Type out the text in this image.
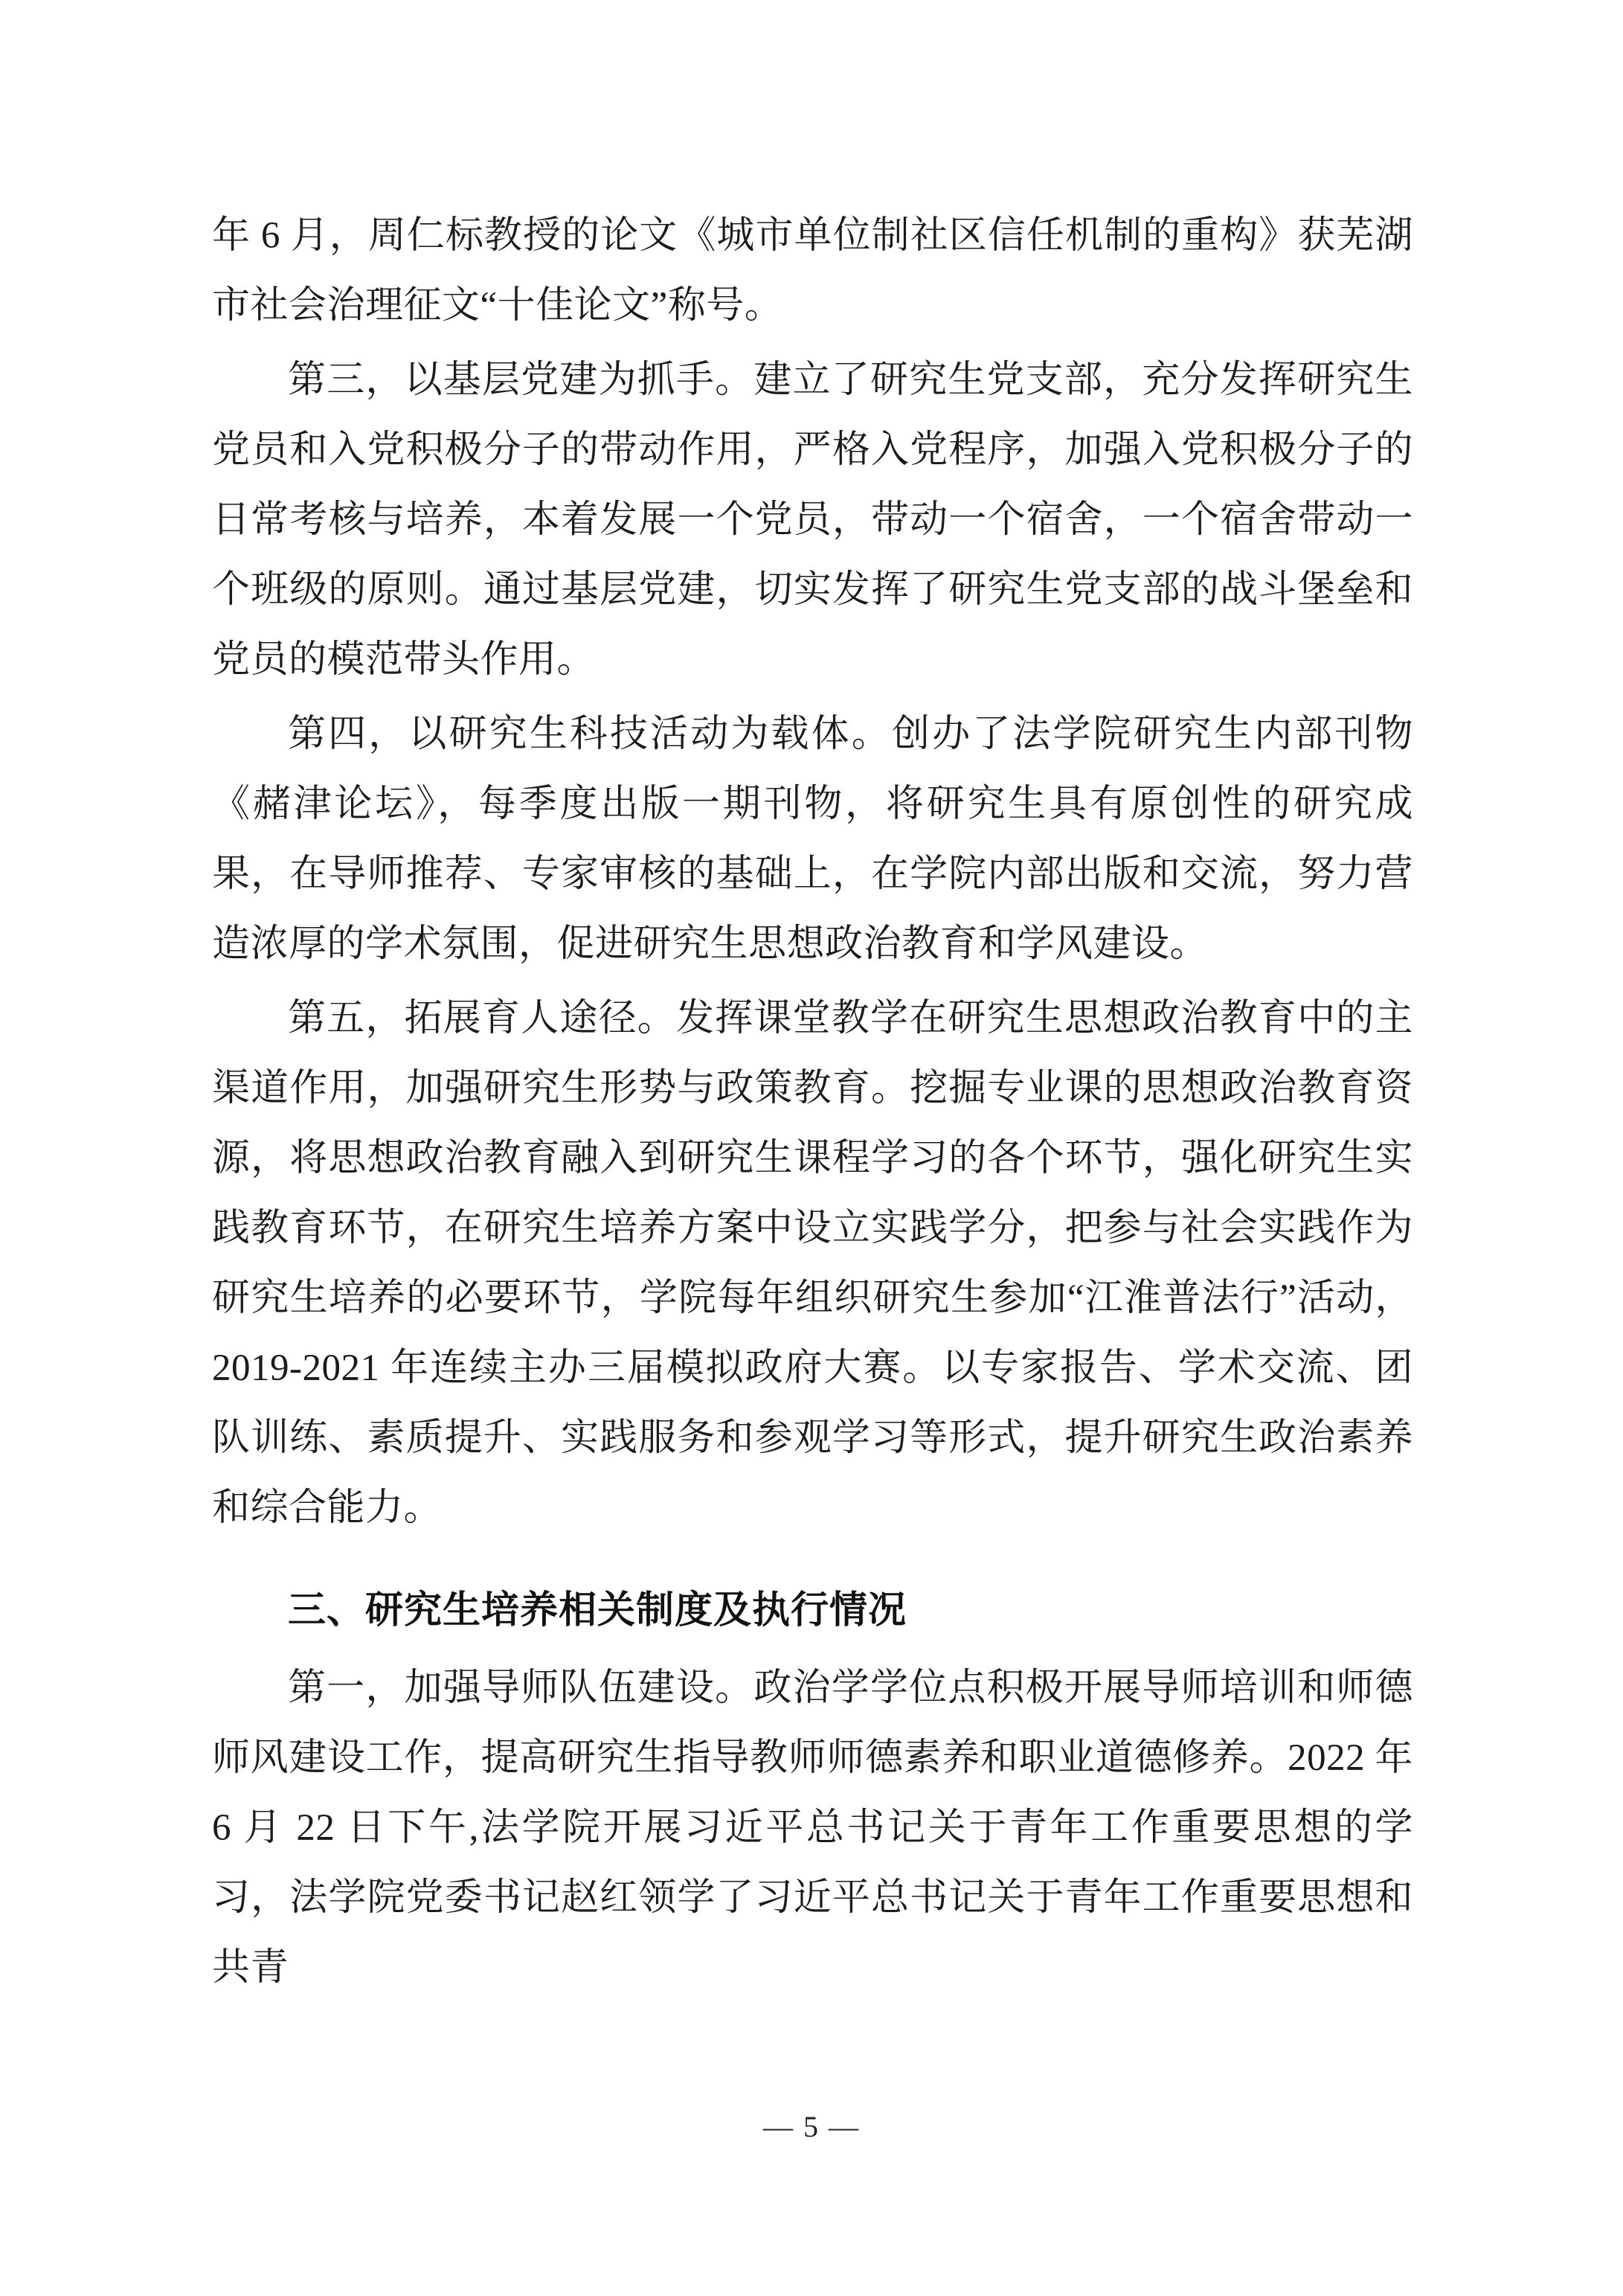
年 6 月，周仁标教授的论文《城市单位制社区信任机制的重构》获芜湖市社会治理征文“十佳论文”称号。

第三，以基层党建为抓手。建立了研究生党支部，充分发挥研究生党员和入党积极分子的带动作用，严格入党程序，加强入党积极分子的日常考核与培养，本着发展一个党员，带动一个宿舍，一个宿舍带动一个班级的原则。通过基层党建，切实发挥了研究生党支部的战斗堡垒和党员的模范带头作用。

第四，以研究生科技活动为载体。创办了法学院研究生内部刊物《赭津论坛》，每季度出版一期刊物，将研究生具有原创性的研究成果，在导师推荐、专家审核的基础上，在学院内部出版和交流，努力营造浓厚的学术氛围，促进研究生思想政治教育和学风建设。

第五，拓展育人途径。发挥课堂教学在研究生思想政治教育中的主渠道作用，加强研究生形势与政策教育。挖掘专业课的思想政治教育资源，将思想政治教育融入到研究生课程学习的各个环节，强化研究生实践教育环节，在研究生培养方案中设立实践学分，把参与社会实践作为研究生培养的必要环节，学院每年组织研究生参加“江淮普法行”活动，2019-2021 年连续主办三届模拟政府大赛。以专家报告、学术交流、团队训练、素质提升、实践服务和参观学习等形式，提升研究生政治素养和综合能力。

三、研究生培养相关制度及执行情况

第一，加强导师队伍建设。政治学学位点积极开展导师培训和师德师风建设工作，提高研究生指导教师师德素养和职业道德修养。2022 年 6 月 22 日下午,法学院开展习近平总书记关于青年工作重要思想的学习，法学院党委书记赵红领学了习近平总书记关于青年工作重要思想和共青

— 5 —
